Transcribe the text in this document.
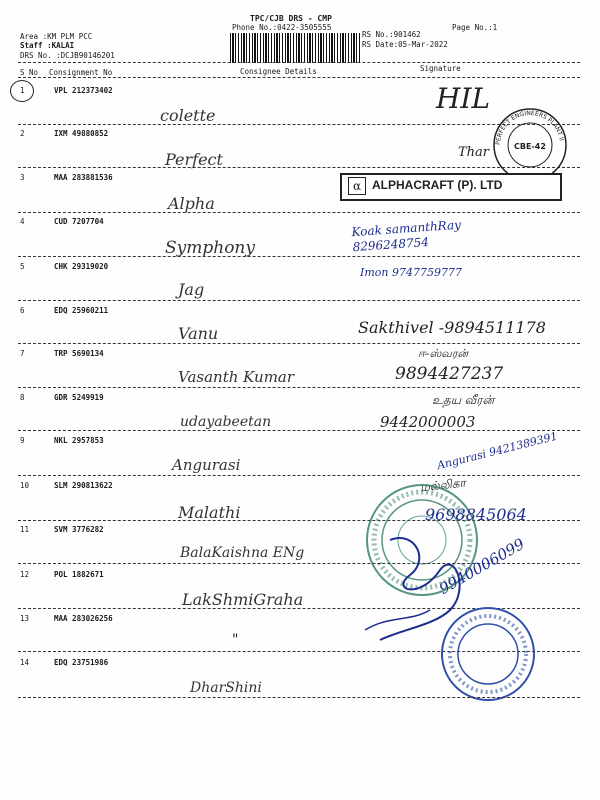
TPC/CJB DRS - CMP
Phone No.:0422-3505555	Page No.:1
RS No.:901462
RS Date:05-Mar-2022
Area :KM PLM PCC
Staff :KALAI
DRS No. :DCJB90146201
S No Consignment No	Consignee Details	Signature
1	VPL 212373402
colette
HIL
2	IXM 49880852
Perfect	Thar	CBE-42
PERFECT ENGINEERS PLANT II
3	MAA 283881536
Alpha
α ALPHACRAFT (P). LTD
4	CUD 7207704
Symphony
Koak samanthRay 8296248754
5	CHK 29319020
Jag
Imon 9747759777
6	EDQ 25960211
Vanu	Sakthivel -9894511178
7	TRP 5690134	ஈ-ஸ்வரன்
Vasanth Kumar	9894427237
8	GDR 5249919	உதய வீரன்
udayabeetan	9442000003
9	NKL 2957853
Angurasi	Angurasi 9421389391
10	SLM 290813622	மல்லிகா
Malathi
11	SVM 3776282
BalaKaishna ENg
9698845064
12	POL 1882671
LakShmiGraha
9940006099
13	MAA 283026256
"
14	EDQ 23751986
DharShini
